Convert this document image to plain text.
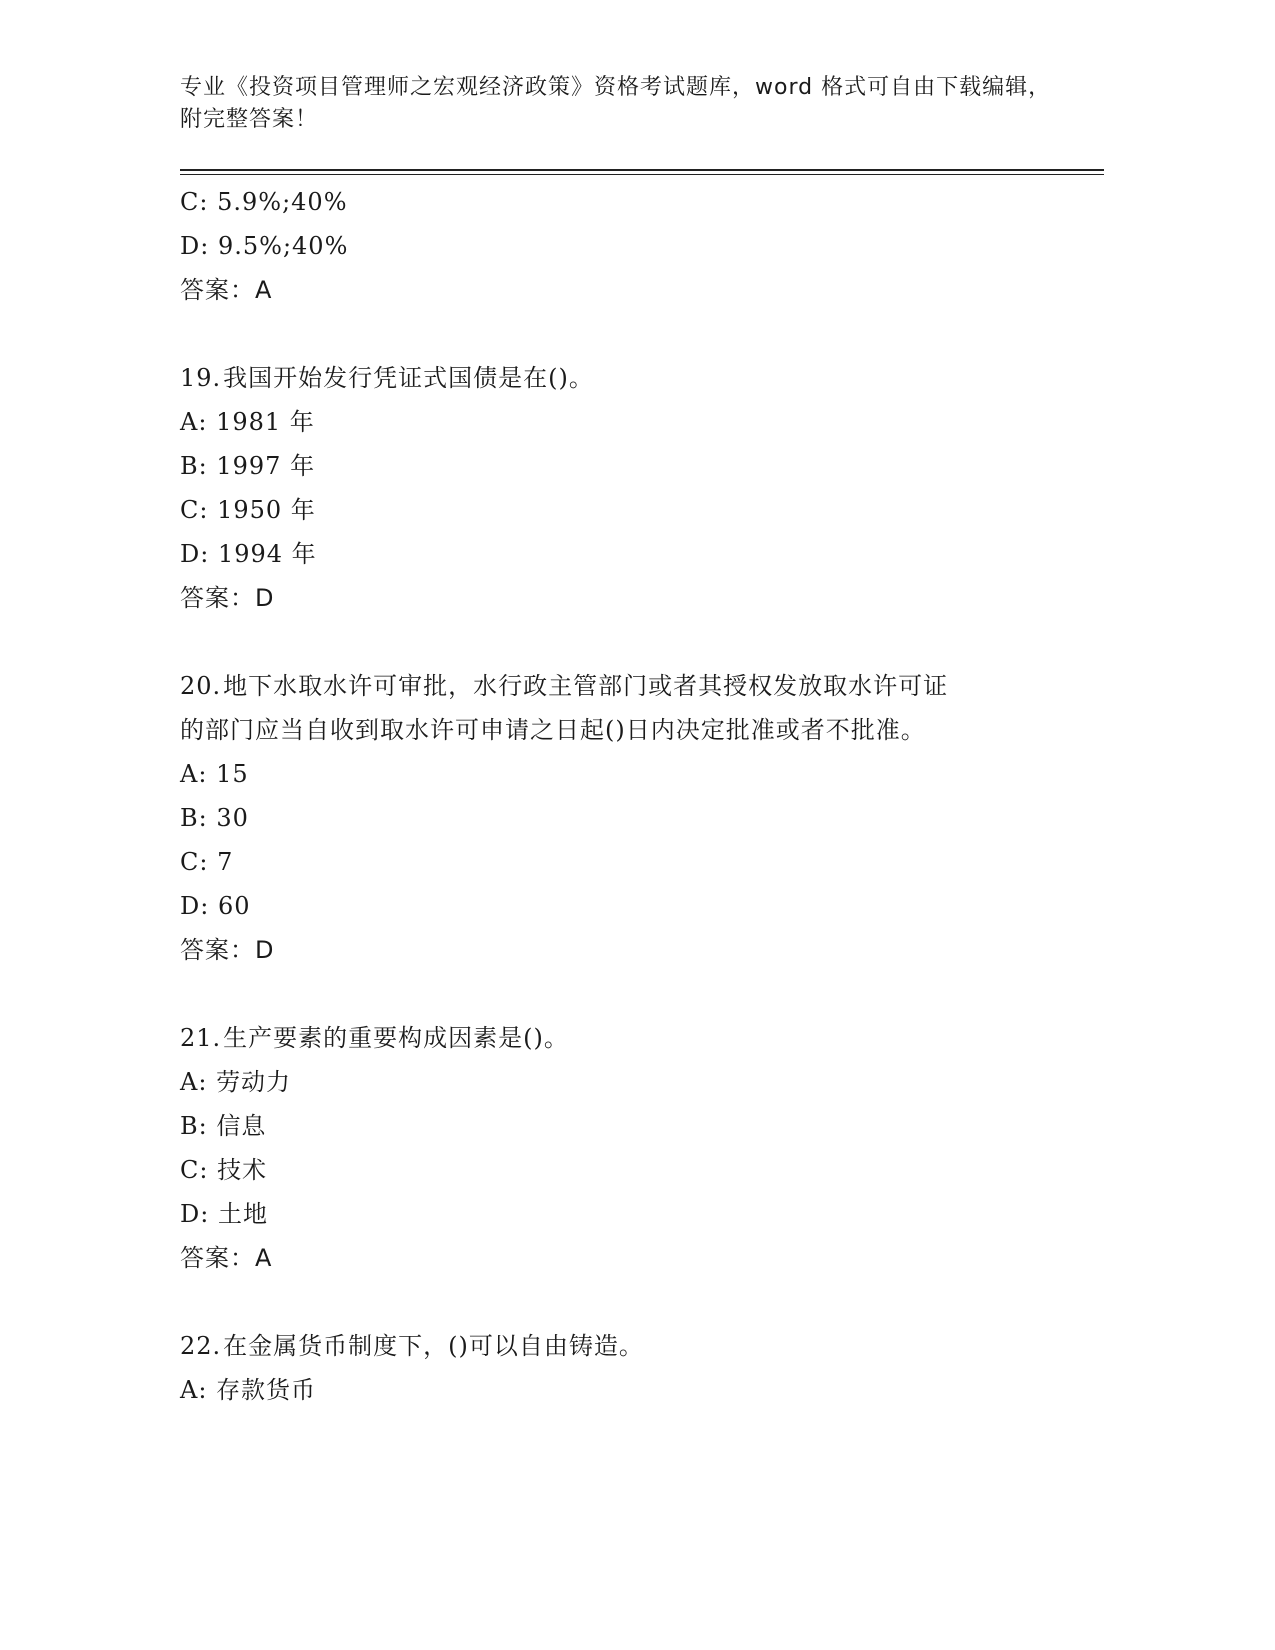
专业《投资项目管理师之宏观经济政策》资格考试题库，word 格式可自由下载编辑，附完整答案！
C: 5.9%;40%
D: 9.5%;40%
答案：A
19.我国开始发行凭证式国债是在()。
A: 1981 年
B: 1997 年
C: 1950 年
D: 1994 年
答案：D
20.地下水取水许可审批，水行政主管部门或者其授权发放取水许可证
的部门应当自收到取水许可申请之日起()日内决定批准或者不批准。
A: 15
B: 30
C: 7
D: 60
答案：D
21.生产要素的重要构成因素是()。
A: 劳动力
B: 信息
C: 技术
D: 土地
答案：A
22.在金属货币制度下，()可以自由铸造。
A: 存款货币
